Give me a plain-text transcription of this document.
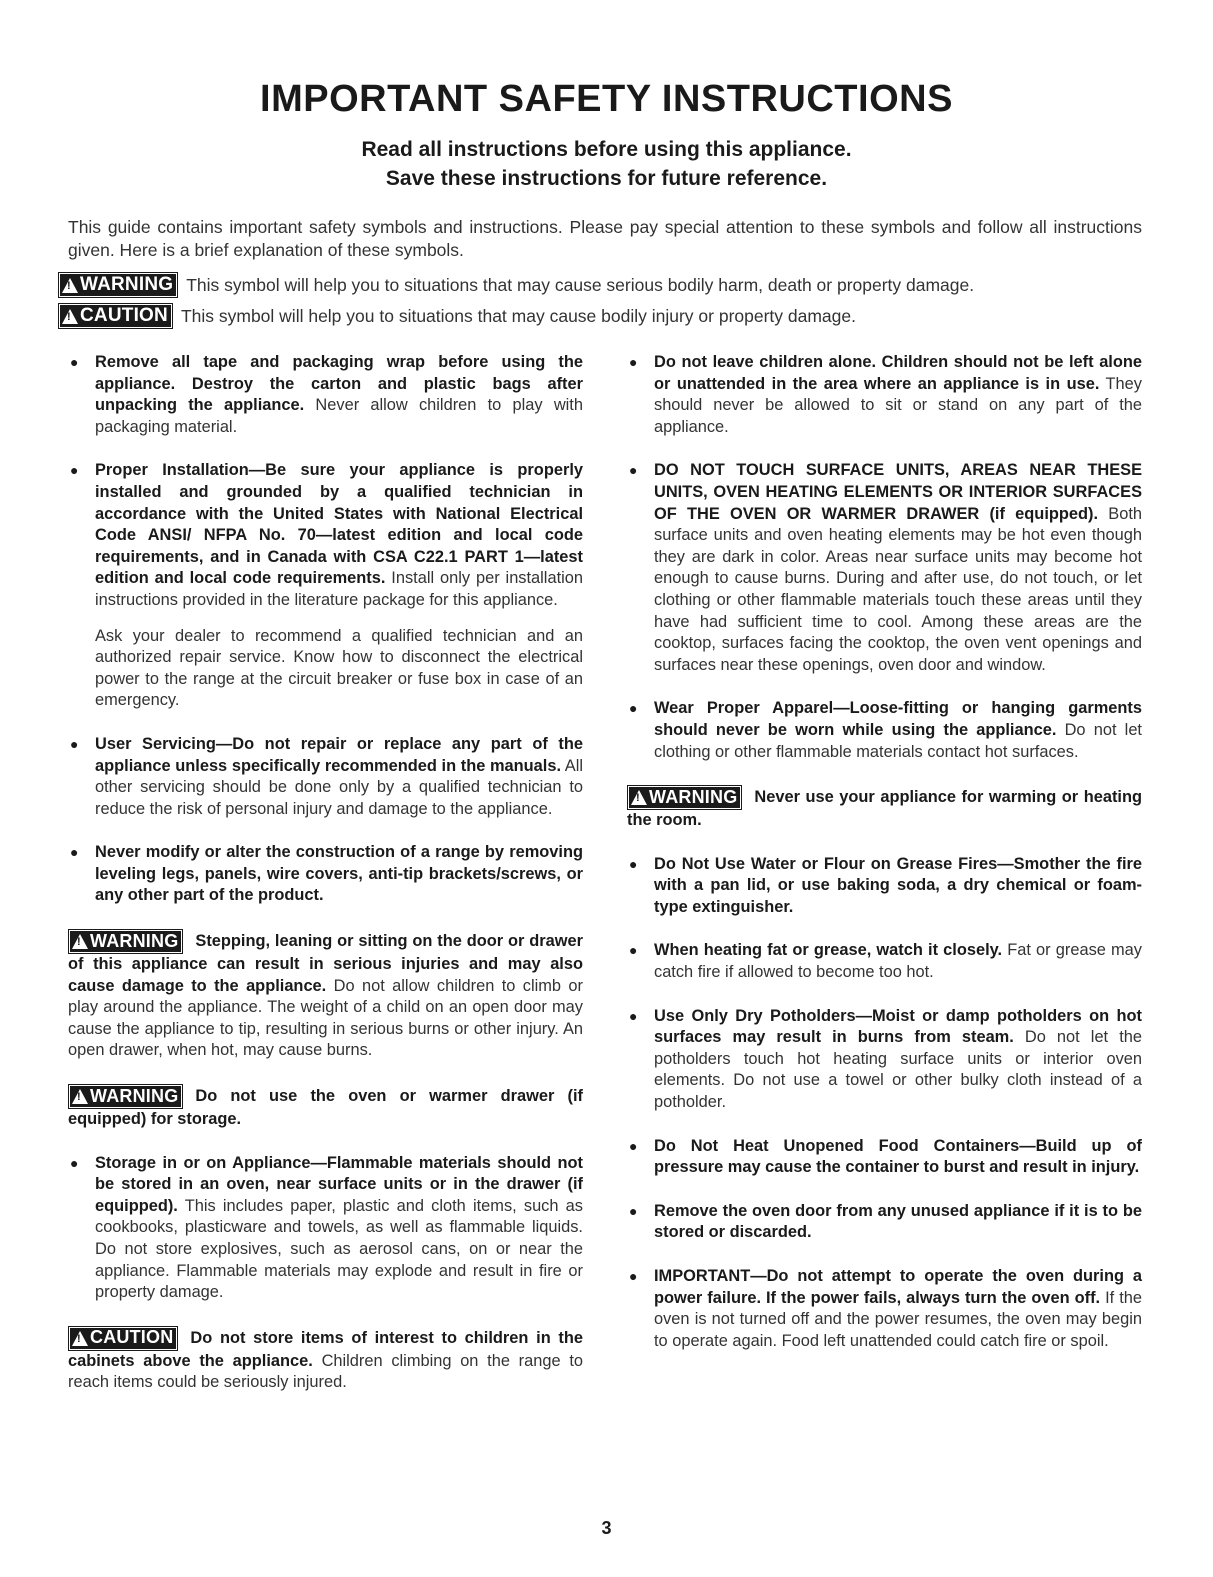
IMPORTANT SAFETY INSTRUCTIONS

Read all instructions before using this appliance.

Save these instructions for future reference.

This guide contains important safety symbols and instructions. Please pay special attention to these symbols and follow all instructions given. Here is a brief explanation of these symbols.

!
WARNING This symbol will help you to situations that may cause serious bodily harm, death or property damage.
!
CAUTION This symbol will help you to situations that may cause bodily injury or property damage.
● Remove all tape and packaging wrap before using the appliance. Destroy the carton and plastic bags after unpacking the appliance. Never allow children to play with packaging material.
● Proper Installation—Be sure your appliance is properly installed and grounded by a qualified technician in accordance with the United States with National Electrical Code ANSI/ NFPA No. 70—latest edition and local code requirements, and in Canada with CSA C22.1 PART 1—latest edition and local code requirements. Install only per installation instructions provided in the literature package for this appliance.
Ask your dealer to recommend a qualified technician and an authorized repair service. Know how to disconnect the electrical power to the range at the circuit breaker or fuse box in case of an emergency.
● User Servicing—Do not repair or replace any part of the appliance unless specifically recommended in the manuals. All other servicing should be done only by a qualified technician to reduce the risk of personal injury and damage to the appliance.
● Never modify or alter the construction of a range by removing leveling legs, panels, wire covers, anti-tip brackets/screws, or any other part of the product.
!
WARNING Stepping, leaning or sitting on the door or drawer of this appliance can result in serious injuries and may also cause damage to the appliance. Do not allow children to climb or play around the appliance. The weight of a child on an open door may cause the appliance to tip, resulting in serious burns or other injury. An open drawer, when hot, may cause burns.
!
WARNING Do not use the oven or warmer drawer (if equipped) for storage.
● Storage in or on Appliance—Flammable materials should not be stored in an oven, near surface units or in the drawer (if equipped). This includes paper, plastic and cloth items, such as cookbooks, plasticware and towels, as well as flammable liquids. Do not store explosives, such as aerosol cans, on or near the appliance. Flammable materials may explode and result in fire or property damage.
!
CAUTION Do not store items of interest to children in the cabinets above the appliance. Children climbing on the range to reach items could be seriously injured.
● Do not leave children alone. Children should not be left alone or unattended in the area where an appliance is in use. They should never be allowed to sit or stand on any part of the appliance.
● DO NOT TOUCH SURFACE UNITS, AREAS NEAR THESE UNITS, OVEN HEATING ELEMENTS OR INTERIOR SURFACES OF THE OVEN OR WARMER DRAWER (if equipped). Both surface units and oven heating elements may be hot even though they are dark in color. Areas near surface units may become hot enough to cause burns. During and after use, do not touch, or let clothing or other flammable materials touch these areas until they have had sufficient time to cool. Among these areas are the cooktop, surfaces facing the cooktop, the oven vent openings and surfaces near these openings, oven door and window.
● Wear Proper Apparel—Loose-fitting or hanging garments should never be worn while using the appliance. Do not let clothing or other flammable materials contact hot surfaces.
!
WARNING Never use your appliance for warming or heating the room.
● Do Not Use Water or Flour on Grease Fires—Smother the fire with a pan lid, or use baking soda, a dry chemical or foam-type extinguisher.
● When heating fat or grease, watch it closely. Fat or grease may catch fire if allowed to become too hot.
● Use Only Dry Potholders—Moist or damp potholders on hot surfaces may result in burns from steam. Do not let the potholders touch hot heating surface units or interior oven elements. Do not use a towel or other bulky cloth instead of a potholder.
● Do Not Heat Unopened Food Containers—Build up of pressure may cause the container to burst and result in injury.
● Remove the oven door from any unused appliance if it is to be stored or discarded.
● IMPORTANT—Do not attempt to operate the oven during a power failure. If the power fails, always turn the oven off. If the oven is not turned off and the power resumes, the oven may begin to operate again. Food left unattended could catch fire or spoil.

3
